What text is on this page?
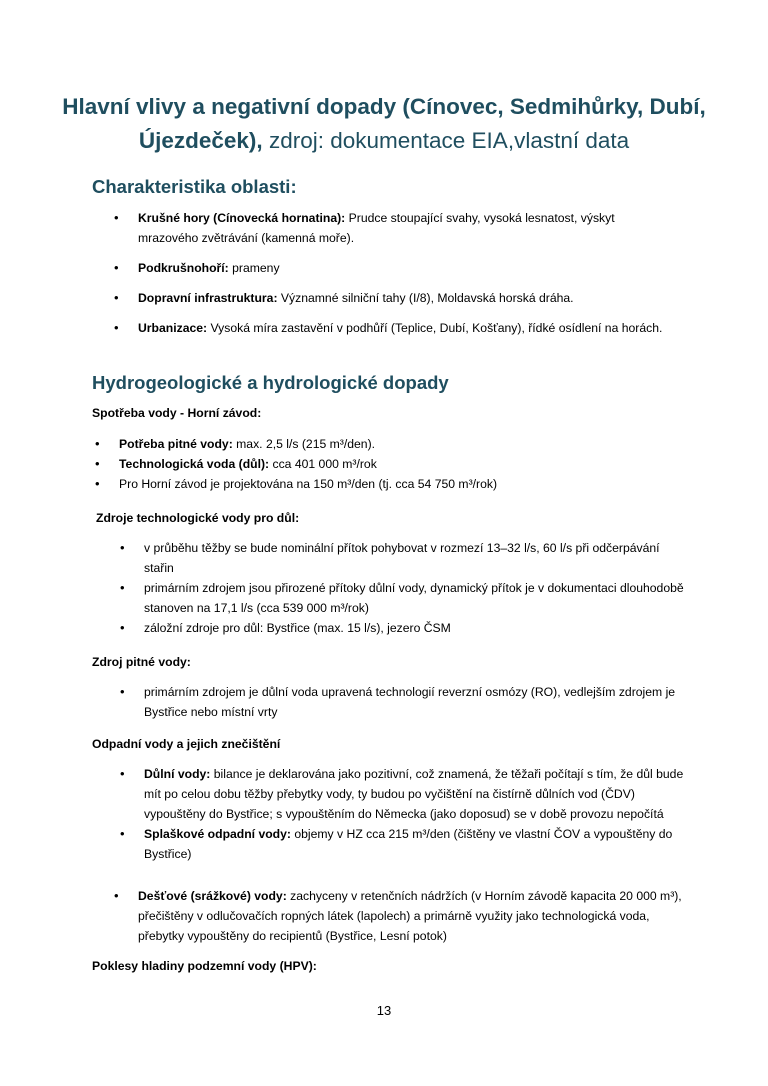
Hlavní vlivy a negativní dopady (Cínovec, Sedmihůrky, Dubí, Újezdeček), zdroj: dokumentace EIA,vlastní data
Charakteristika oblasti:
• Krušné hory (Cínovecká hornatina): Prudce stoupající svahy, vysoká lesnatost, výskyt mrazového zvětrávání (kamenná moře).
• Podkrušnohoří: prameny
• Dopravní infrastruktura: Významné silniční tahy (I/8), Moldavská horská dráha.
• Urbanizace: Vysoká míra zastavění v podhůří (Teplice, Dubí, Košťany), řídké osídlení na horách.
Hydrogeologické a hydrologické dopady
Spotřeba vody - Horní závod:
• Potřeba pitné vody: max. 2,5 l/s (215 m³/den).
• Technologická voda (důl): cca 401 000 m³/rok
• Pro Horní závod je projektována na 150 m³/den (tj. cca 54 750 m³/rok)
Zdroje technologické vody pro důl:
• v průběhu těžby se bude nominální přítok pohybovat v rozmezí 13–32 l/s, 60 l/s při odčerpávání stařin
• primárním zdrojem jsou přirozené přítoky důlní vody, dynamický přítok je v dokumentaci dlouhodobě stanoven na 17,1 l/s (cca 539 000 m³/rok)
• záložní zdroje pro důl: Bystřice (max. 15 l/s), jezero ČSM
Zdroj pitné vody:
• primárním zdrojem je důlní voda upravená technologií reverzní osmózy (RO), vedlejším zdrojem je Bystřice nebo místní vrty
Odpadní vody a jejich znečištění
• Důlní vody: bilance je deklarována jako pozitivní, což znamená, že těžaři počítají s tím, že důl bude mít po celou dobu těžby přebytky vody, ty budou po vyčištění na čistírně důlních vod (ČDV) vypouštěny do Bystřice; s vypouštěním do Německa (jako doposud) se v době provozu nepočítá
• Splaškové odpadní vody: objemy v HZ cca 215 m³/den (čištěny ve vlastní ČOV a vypouštěny do Bystřice)
• Dešťové (srážkové) vody: zachyceny v retenčních nádržích (v Horním závodě kapacita 20 000 m³), přečištěny v odlučovačích ropných látek (lapolech) a primárně využity jako technologická voda, přebytky vypouštěny do recipientů (Bystřice, Lesní potok)
Poklesy hladiny podzemní vody (HPV):
13
